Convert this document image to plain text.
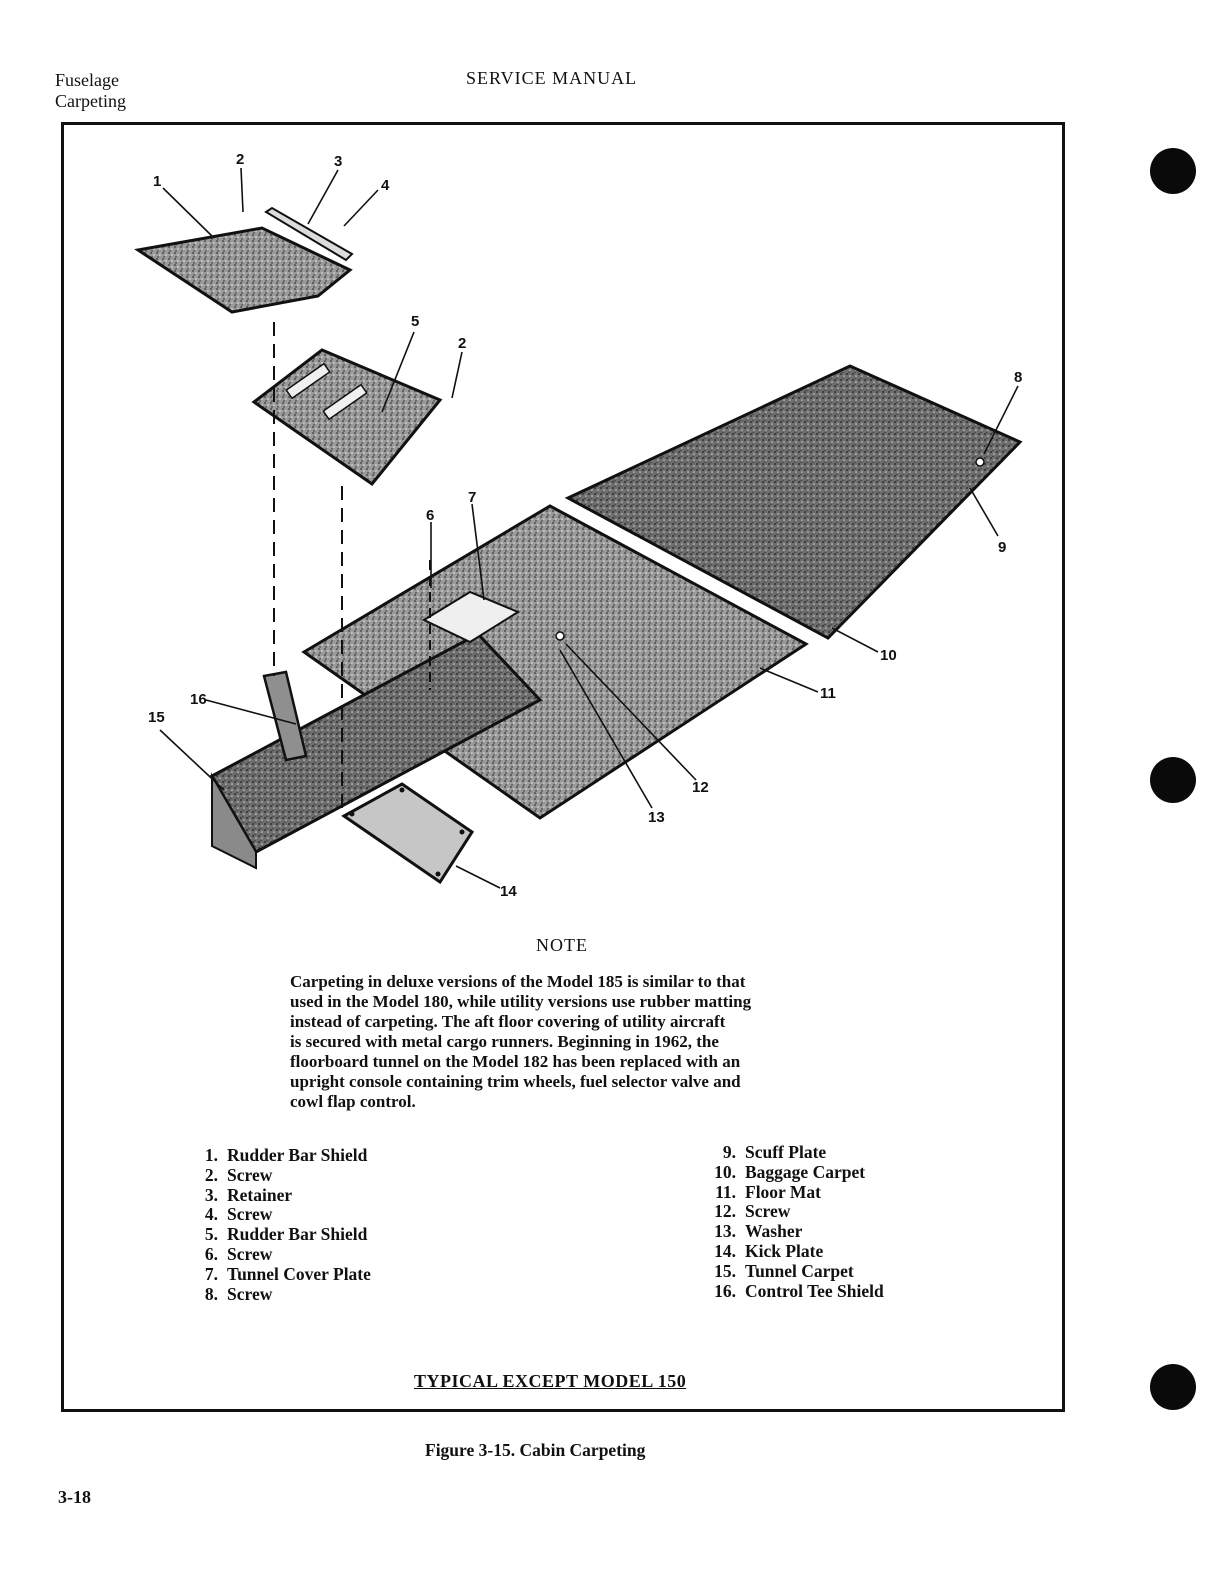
Fuselage
Carpeting
SERVICE MANUAL
1
2	3
4
5
2
6
7
8
9
10
11
12
13
14
15
16
NOTE
Carpeting in deluxe versions of the Model 185 is similar to that
used in the Model 180, while utility versions use rubber matting
instead of carpeting. The aft floor covering of utility aircraft
is secured with metal cargo runners. Beginning in 1962, the
floorboard tunnel on the Model 182 has been replaced with an
upright console containing trim wheels, fuel selector valve and
cowl flap control.
1. Rudder Bar Shield
2. Screw
3. Retainer
4. Screw
5. Rudder Bar Shield
6. Screw
7. Tunnel Cover Plate
8. Screw
9. Scuff Plate
10. Baggage Carpet
11. Floor Mat
12. Screw
13. Washer
14. Kick Plate
15. Tunnel Carpet
16. Control Tee Shield
TYPICAL EXCEPT MODEL 150
Figure 3-15. Cabin Carpeting
3-18
